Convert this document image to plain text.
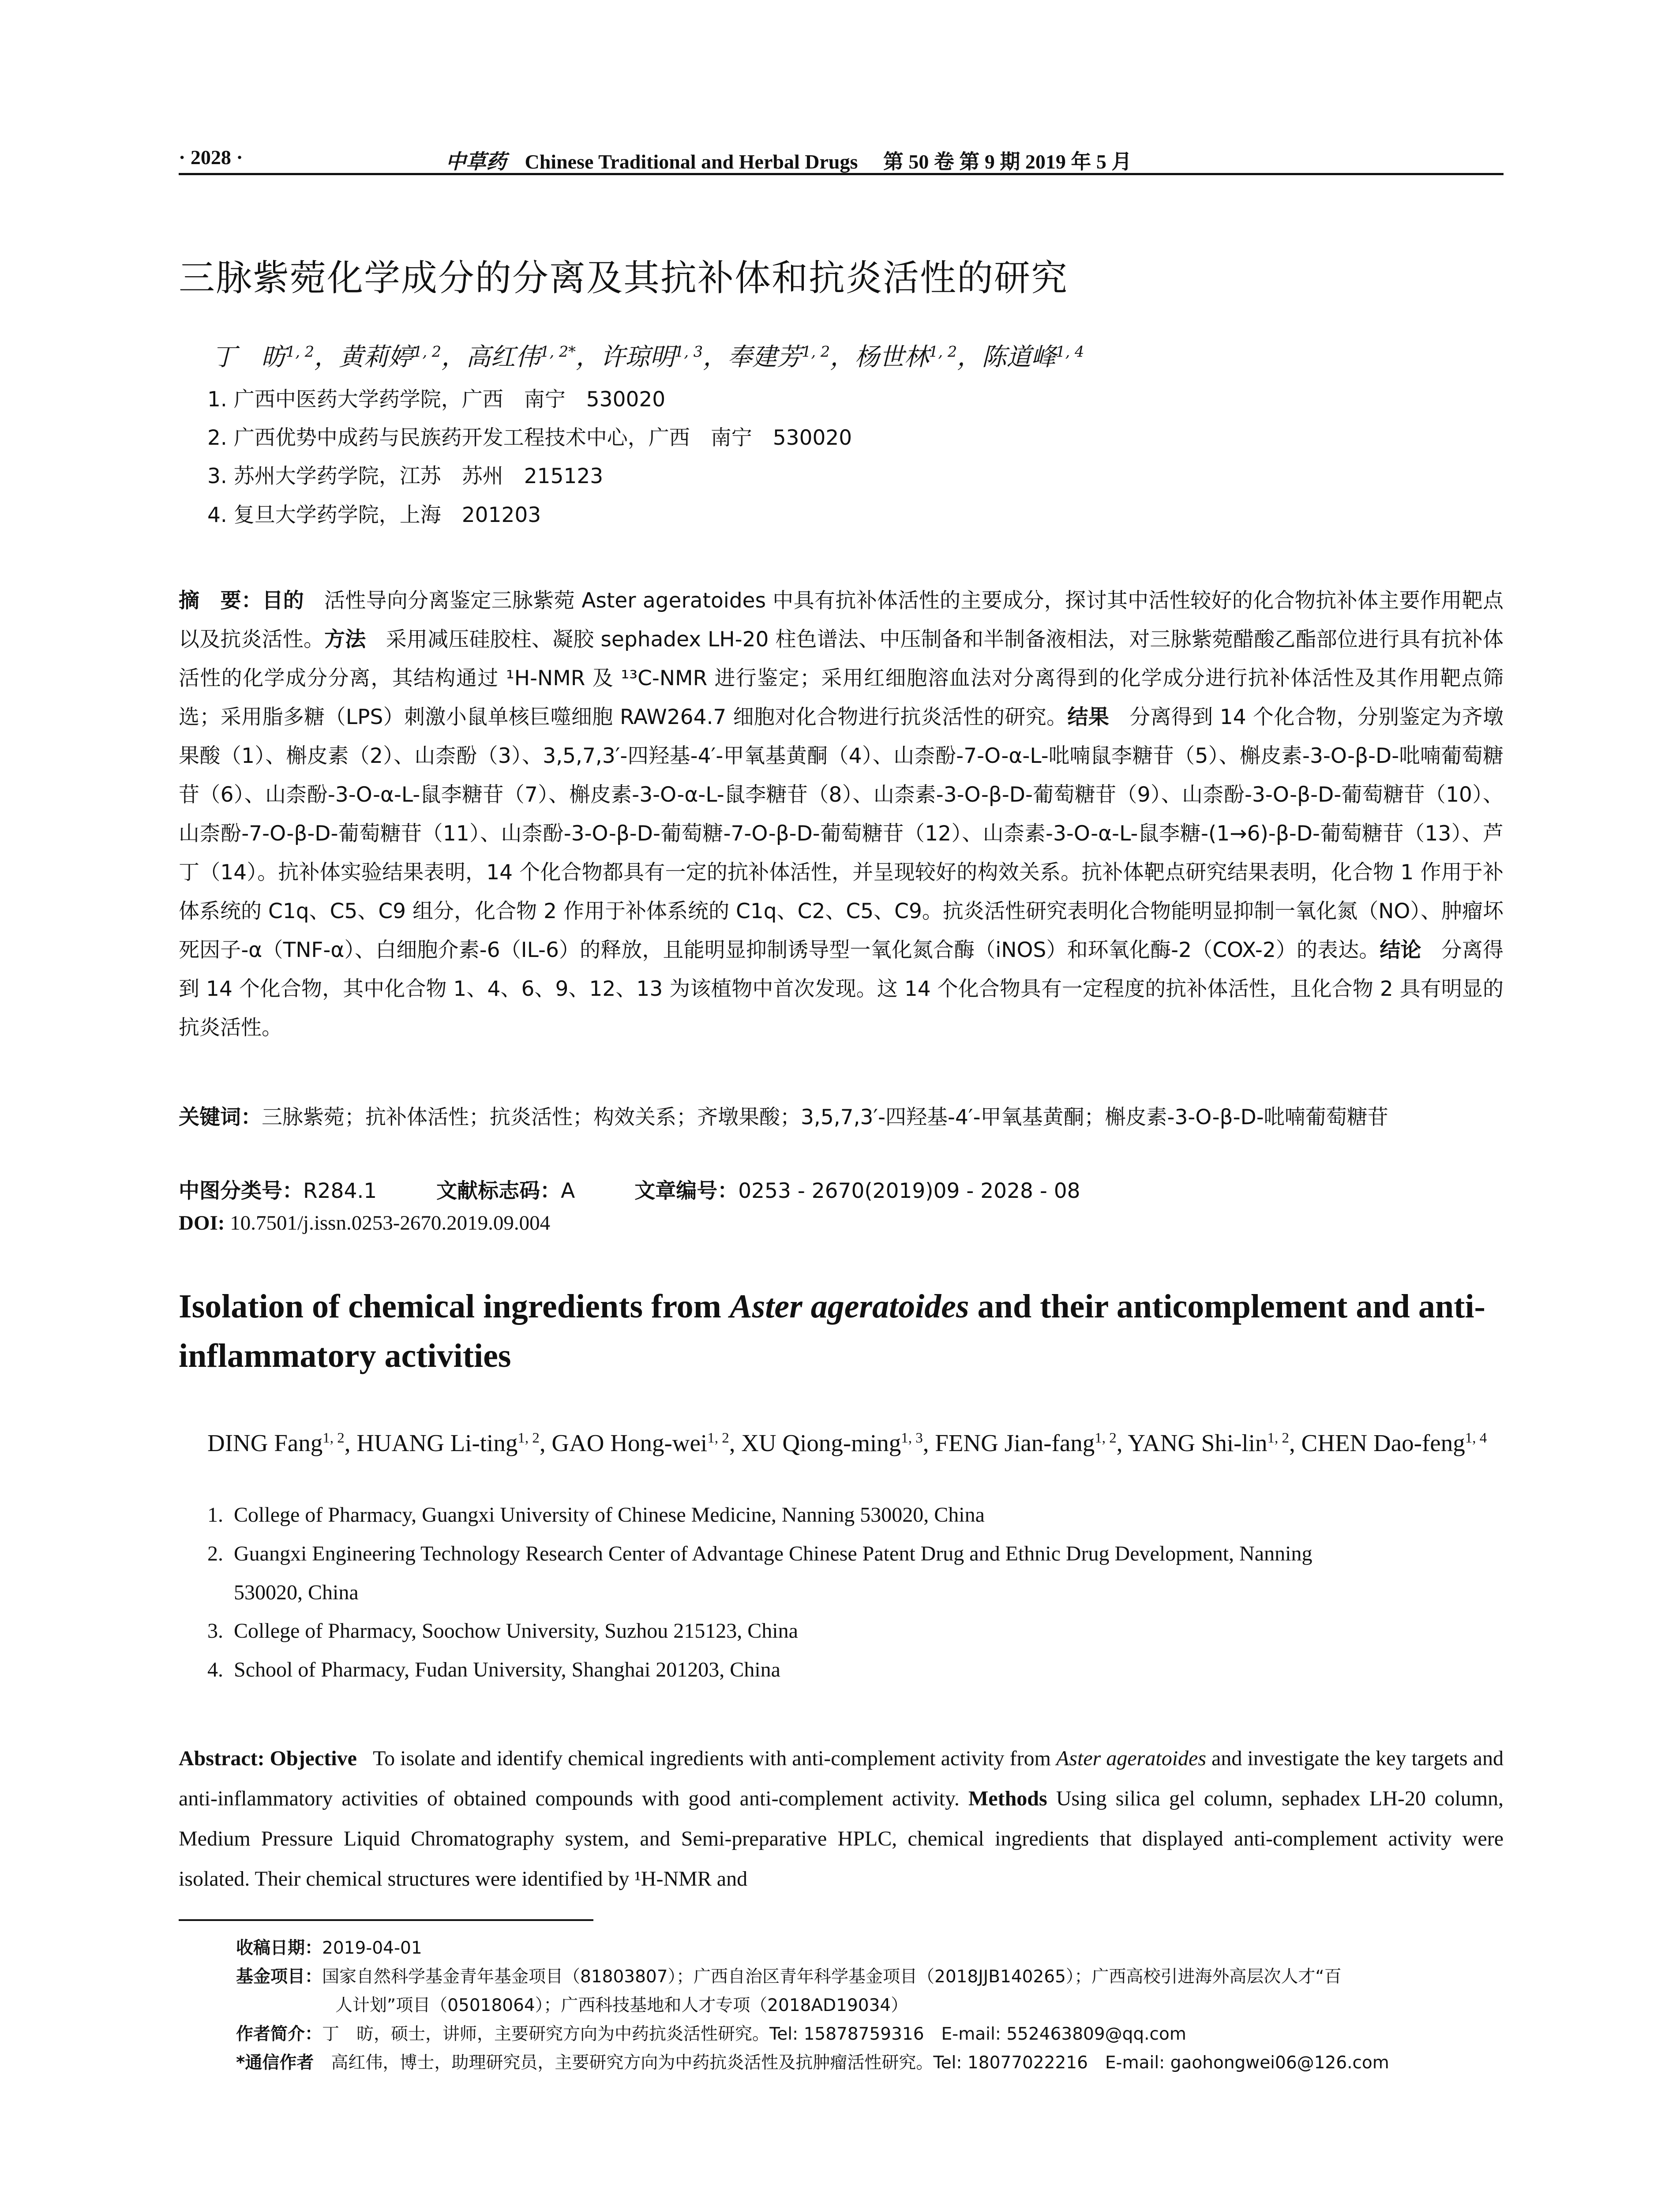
· 2028 ·	中草药 Chinese Traditional and Herbal Drugs 第 50 卷 第 9 期 2019 年 5 月
三脉紫菀化学成分的分离及其抗补体和抗炎活性的研究
丁　昉$^{1, 2}$，黄莉婷$^{1, 2}$，高红伟$^{1, 2*}$，许琼明$^{1, 3}$，奉建芳$^{1, 2}$，杨世林$^{1, 2}$，陈道峰$^{1, 4}$
1. 广西中医药大学药学院，广西　南宁　530020
2. 广西优势中成药与民族药开发工程技术中心，广西　南宁　530020
3. 苏州大学药学院，江苏　苏州　215123
4. 复旦大学药学院，上海　201203
摘　要：目的 活性导向分离鉴定三脉紫菀 Aster ageratoides 中具有抗补体活性的主要成分，探讨其中活性较好的化合物抗补体主要作用靶点以及抗炎活性。方法 采用减压硅胶柱、凝胶 sephadex LH-20 柱色谱法、中压制备和半制备液相法，对三脉紫菀醋酸乙酯部位进行具有抗补体活性的化学成分分离，其结构通过 ¹H-NMR 及 ¹³C-NMR 进行鉴定；采用红细胞溶血法对分离得到的化学成分进行抗补体活性及其作用靶点筛选；采用脂多糖（LPS）刺激小鼠单核巨噬细胞 RAW264.7 细胞对化合物进行抗炎活性的研究。结果 分离得到 14 个化合物，分别鉴定为齐墩果酸（1）、槲皮素（2）、山柰酚（3）、3,5,7,3′-四羟基-4′-甲氧基黄酮（4）、山柰酚-7-O-α-L-吡喃鼠李糖苷（5）、槲皮素-3-O-β-D-吡喃葡萄糖苷（6）、山柰酚-3-O-α-L-鼠李糖苷（7）、槲皮素-3-O-α-L-鼠李糖苷（8）、山柰素-3-O-β-D-葡萄糖苷（9）、山柰酚-3-O-β-D-葡萄糖苷（10）、山柰酚-7-O-β-D-葡萄糖苷（11）、山柰酚-3-O-β-D-葡萄糖-7-O-β-D-葡萄糖苷（12）、山柰素-3-O-α-L-鼠李糖-(1→6)-β-D-葡萄糖苷（13）、芦丁（14）。抗补体实验结果表明，14 个化合物都具有一定的抗补体活性，并呈现较好的构效关系。抗补体靶点研究结果表明，化合物 1 作用于补体系统的 C1q、C5、C9 组分，化合物 2 作用于补体系统的 C1q、C2、C5、C9。抗炎活性研究表明化合物能明显抑制一氧化氮（NO）、肿瘤坏死因子-α（TNF-α）、白细胞介素-6（IL-6）的释放，且能明显抑制诱导型一氧化氮合酶（iNOS）和环氧化酶-2（COX-2）的表达。结论 分离得到 14 个化合物，其中化合物 1、4、6、9、12、13 为该植物中首次发现。这 14 个化合物具有一定程度的抗补体活性，且化合物 2 具有明显的抗炎活性。
关键词：三脉紫菀；抗补体活性；抗炎活性；构效关系；齐墩果酸；3,5,7,3′-四羟基-4′-甲氧基黄酮；槲皮素-3-O-β-D-吡喃葡萄糖苷
中图分类号：R284.1	文献标志码：A	文章编号：0253 - 2670(2019)09 - 2028 - 08
DOI: 10.7501/j.issn.0253-2670.2019.09.004
Isolation of chemical ingredients from Aster ageratoides and their anticomplement and anti-inflammatory activities
DING Fang$^{1, 2}$, HUANG Li-ting$^{1, 2}$, GAO Hong-wei$^{1, 2}$, XU Qiong-ming$^{1, 3}$, FENG Jian-fang$^{1, 2}$, YANG Shi-lin$^{1, 2}$, CHEN Dao-feng$^{1, 4}$
1. College of Pharmacy, Guangxi University of Chinese Medicine, Nanning 530020, China
2. Guangxi Engineering Technology Research Center of Advantage Chinese Patent Drug and Ethnic Drug Development, Nanning
530020, China
3. College of Pharmacy, Soochow University, Suzhou 215123, China
4. School of Pharmacy, Fudan University, Shanghai 201203, China
Abstract: Objective To isolate and identify chemical ingredients with anti-complement activity from Aster ageratoides and investigate the key targets and anti-inflammatory activities of obtained compounds with good anti-complement activity. Methods Using silica gel column, sephadex LH-20 column, Medium Pressure Liquid Chromatography system, and Semi-preparative HPLC, chemical ingredients that displayed anti-complement activity were isolated. Their chemical structures were identified by ¹H-NMR and
收稿日期：2019-04-01
基金项目：国家自然科学基金青年基金项目（81803807）；广西自治区青年科学基金项目（2018JJB140265）；广西高校引进海外高层次人才“百
人计划”项目（05018064）；广西科技基地和人才专项（2018AD19034）
作者简介：丁　昉，硕士，讲师，主要研究方向为中药抗炎活性研究。Tel: 15878759316　E-mail: 552463809@qq.com
*通信作者　高红伟，博士，助理研究员，主要研究方向为中药抗炎活性及抗肿瘤活性研究。Tel: 18077022216　E-mail: gaohongwei06@126.com
